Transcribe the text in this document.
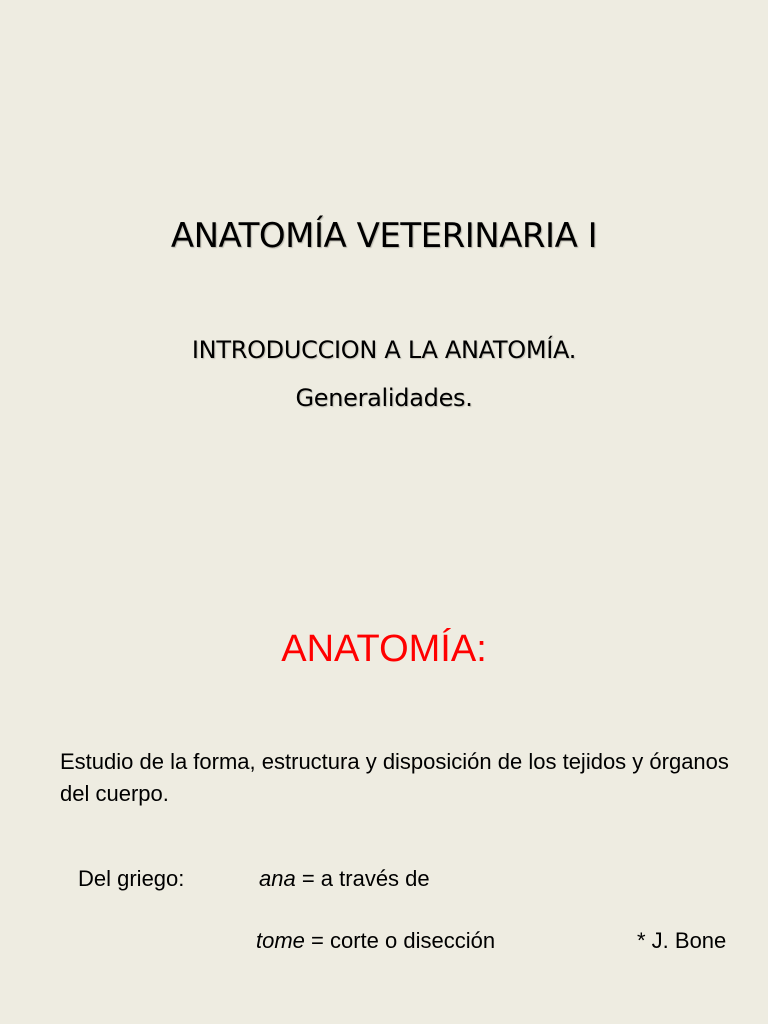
ANATOMÍA VETERINARIA I
INTRODUCCION A LA ANATOMÍA.
Generalidades.
ANATOMÍA:
Estudio de la forma, estructura y disposición de los tejidos y órganos del cuerpo.
Del griego:	ana = a través de
tome = corte o disección	* J. Bone
